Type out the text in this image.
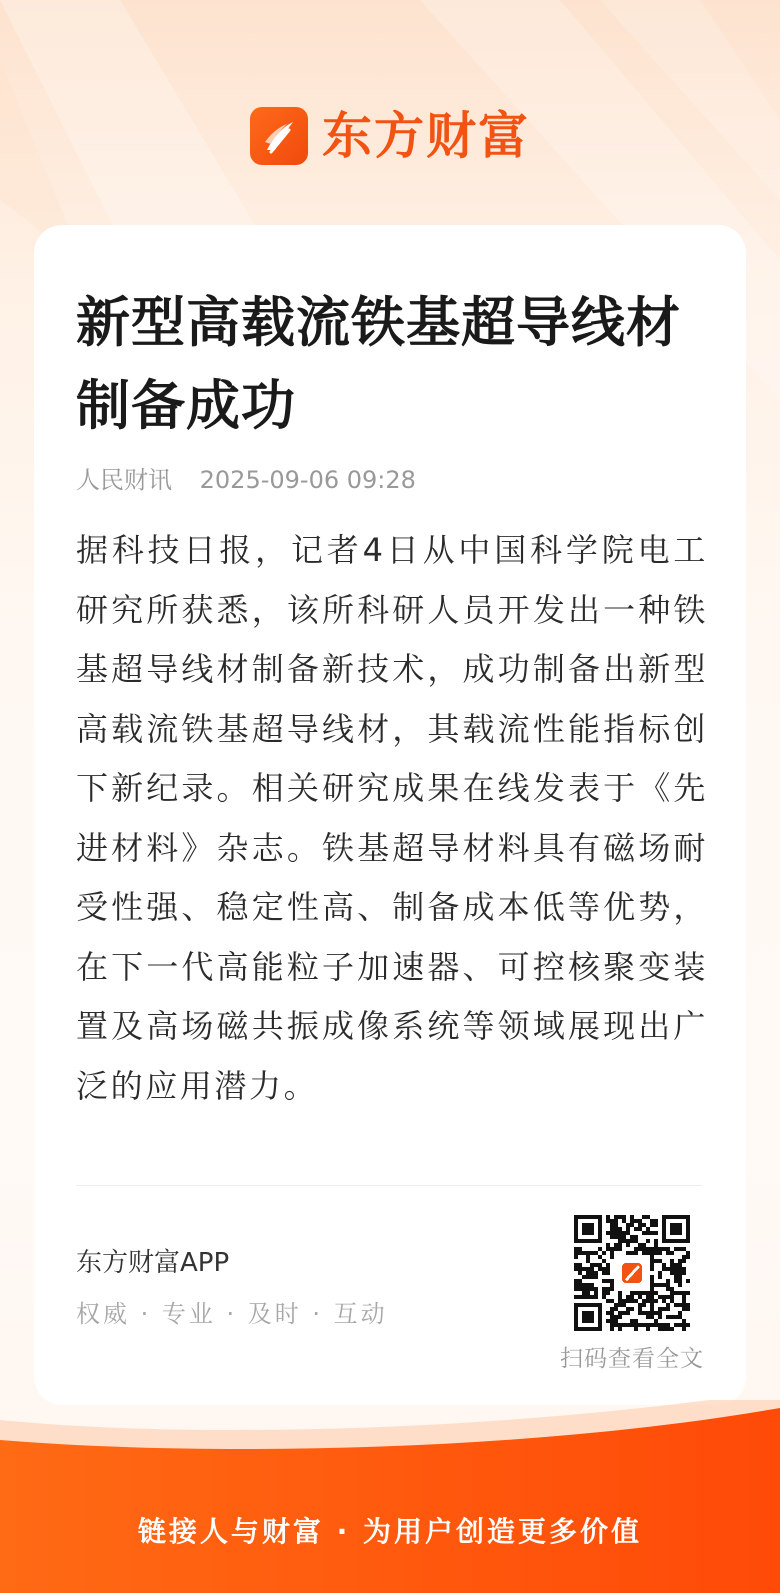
东方财富
新型高载流铁基超导线材制备成功
人民财讯 2025-09-06 09:28

据科技日报，记者4日从中国科学院电工研究所获悉，该所科研人员开发出一种铁基超导线材制备新技术，成功制备出新型高载流铁基超导线材，其载流性能指标创下新纪录。相关研究成果在线发表于《先进材料》杂志。铁基超导材料具有磁场耐受性强、稳定性高、制备成本低等优势，在下一代高能粒子加速器、可控核聚变装置及高场磁共振成像系统等领域展现出广泛的应用潜力。

东方财富APP
权威 · 专业 · 及时 · 互动
扫码查看全文
链接人与财富 · 为用户创造更多价值
